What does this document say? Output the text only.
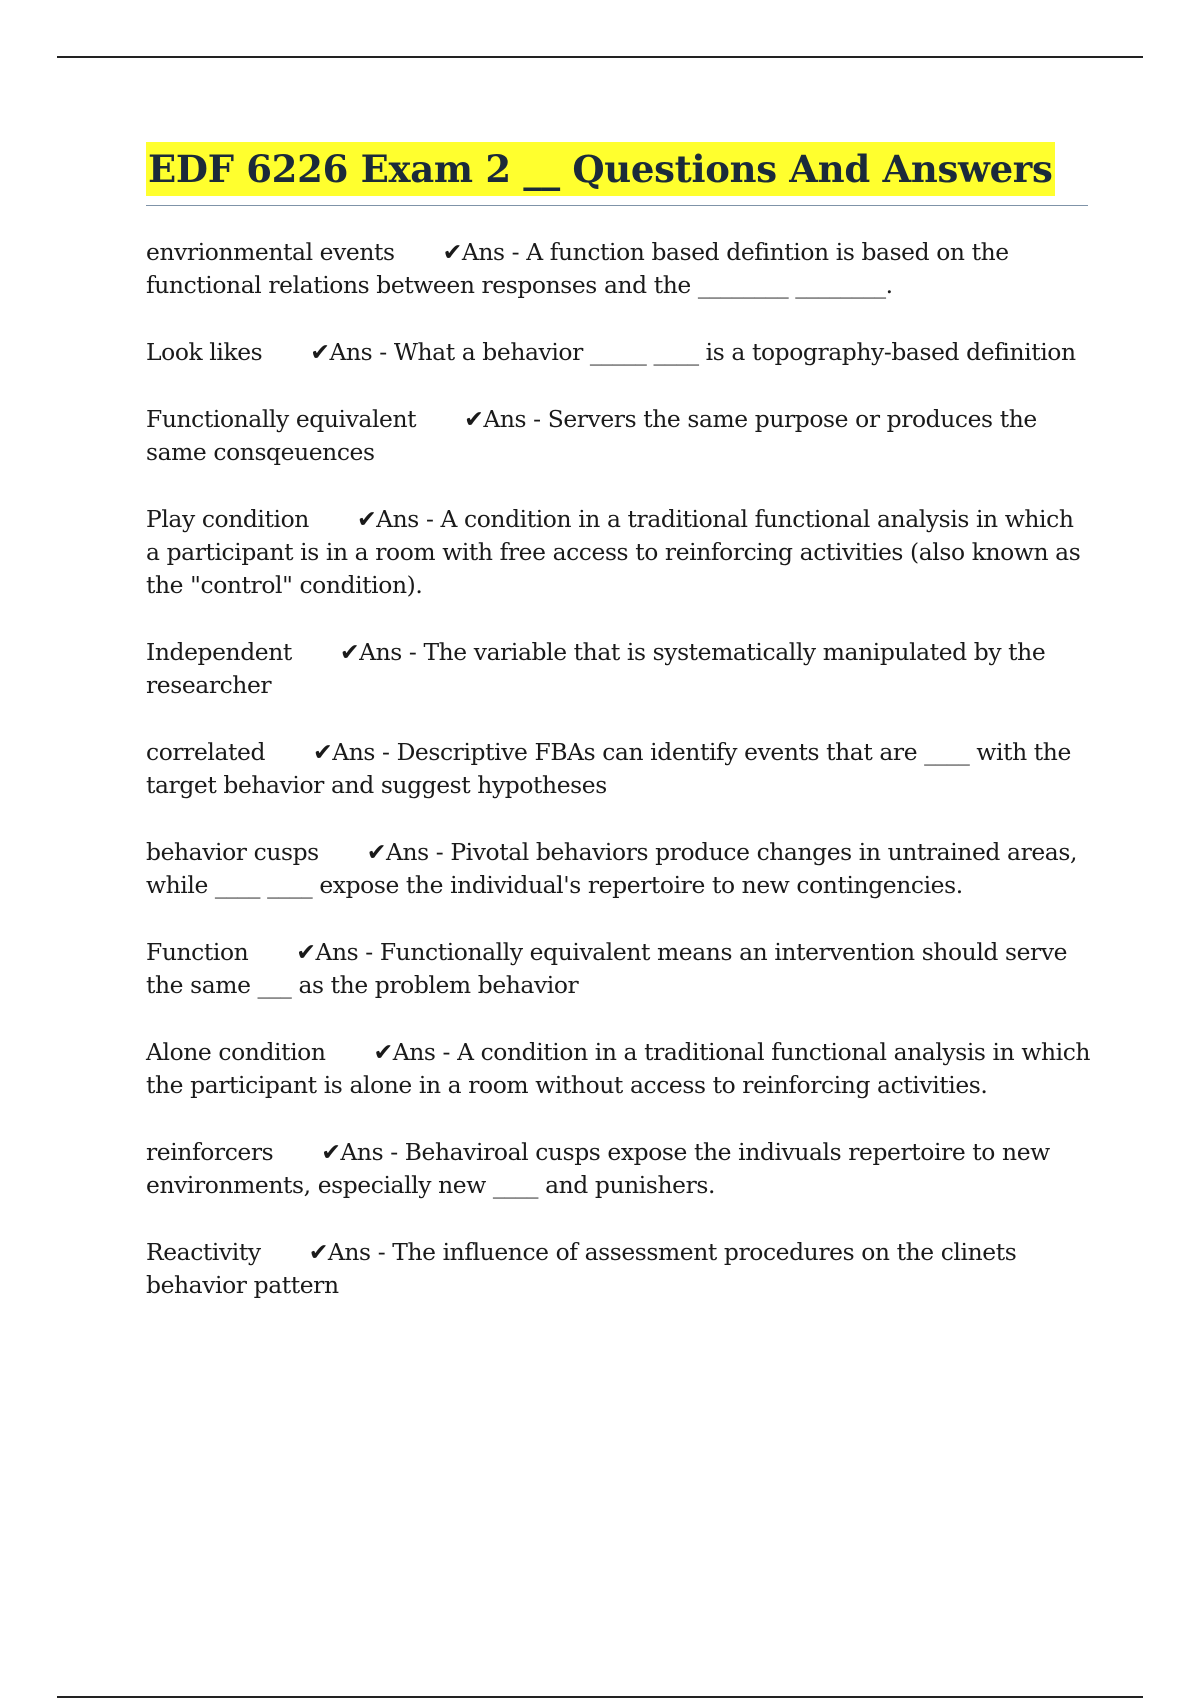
EDF 6226 Exam 2 __ Questions And Answers

envrionmental events ✔Ans - A function based defintion is based on the functional relations between responses and the ________ ________.

Look likes ✔Ans - What a behavior _____ ____ is a topography-based definition

Functionally equivalent ✔Ans - Servers the same purpose or produces the same consqeuences

Play condition ✔Ans - A condition in a traditional functional analysis in which a participant is in a room with free access to reinforcing activities (also known as the "control" condition).

Independent ✔Ans - The variable that is systematically manipulated by the researcher

correlated ✔Ans - Descriptive FBAs can identify events that are ____ with the target behavior and suggest hypotheses

behavior cusps ✔Ans - Pivotal behaviors produce changes in untrained areas, while ____ ____ expose the individual's repertoire to new contingencies.

Function ✔Ans - Functionally equivalent means an intervention should serve the same ___ as the problem behavior

Alone condition ✔Ans - A condition in a traditional functional analysis in which the participant is alone in a room without access to reinforcing activities.

reinforcers ✔Ans - Behaviroal cusps expose the indivuals repertoire to new environments, especially new ____ and punishers.

Reactivity ✔Ans - The influence of assessment procedures on the clinets behavior pattern
